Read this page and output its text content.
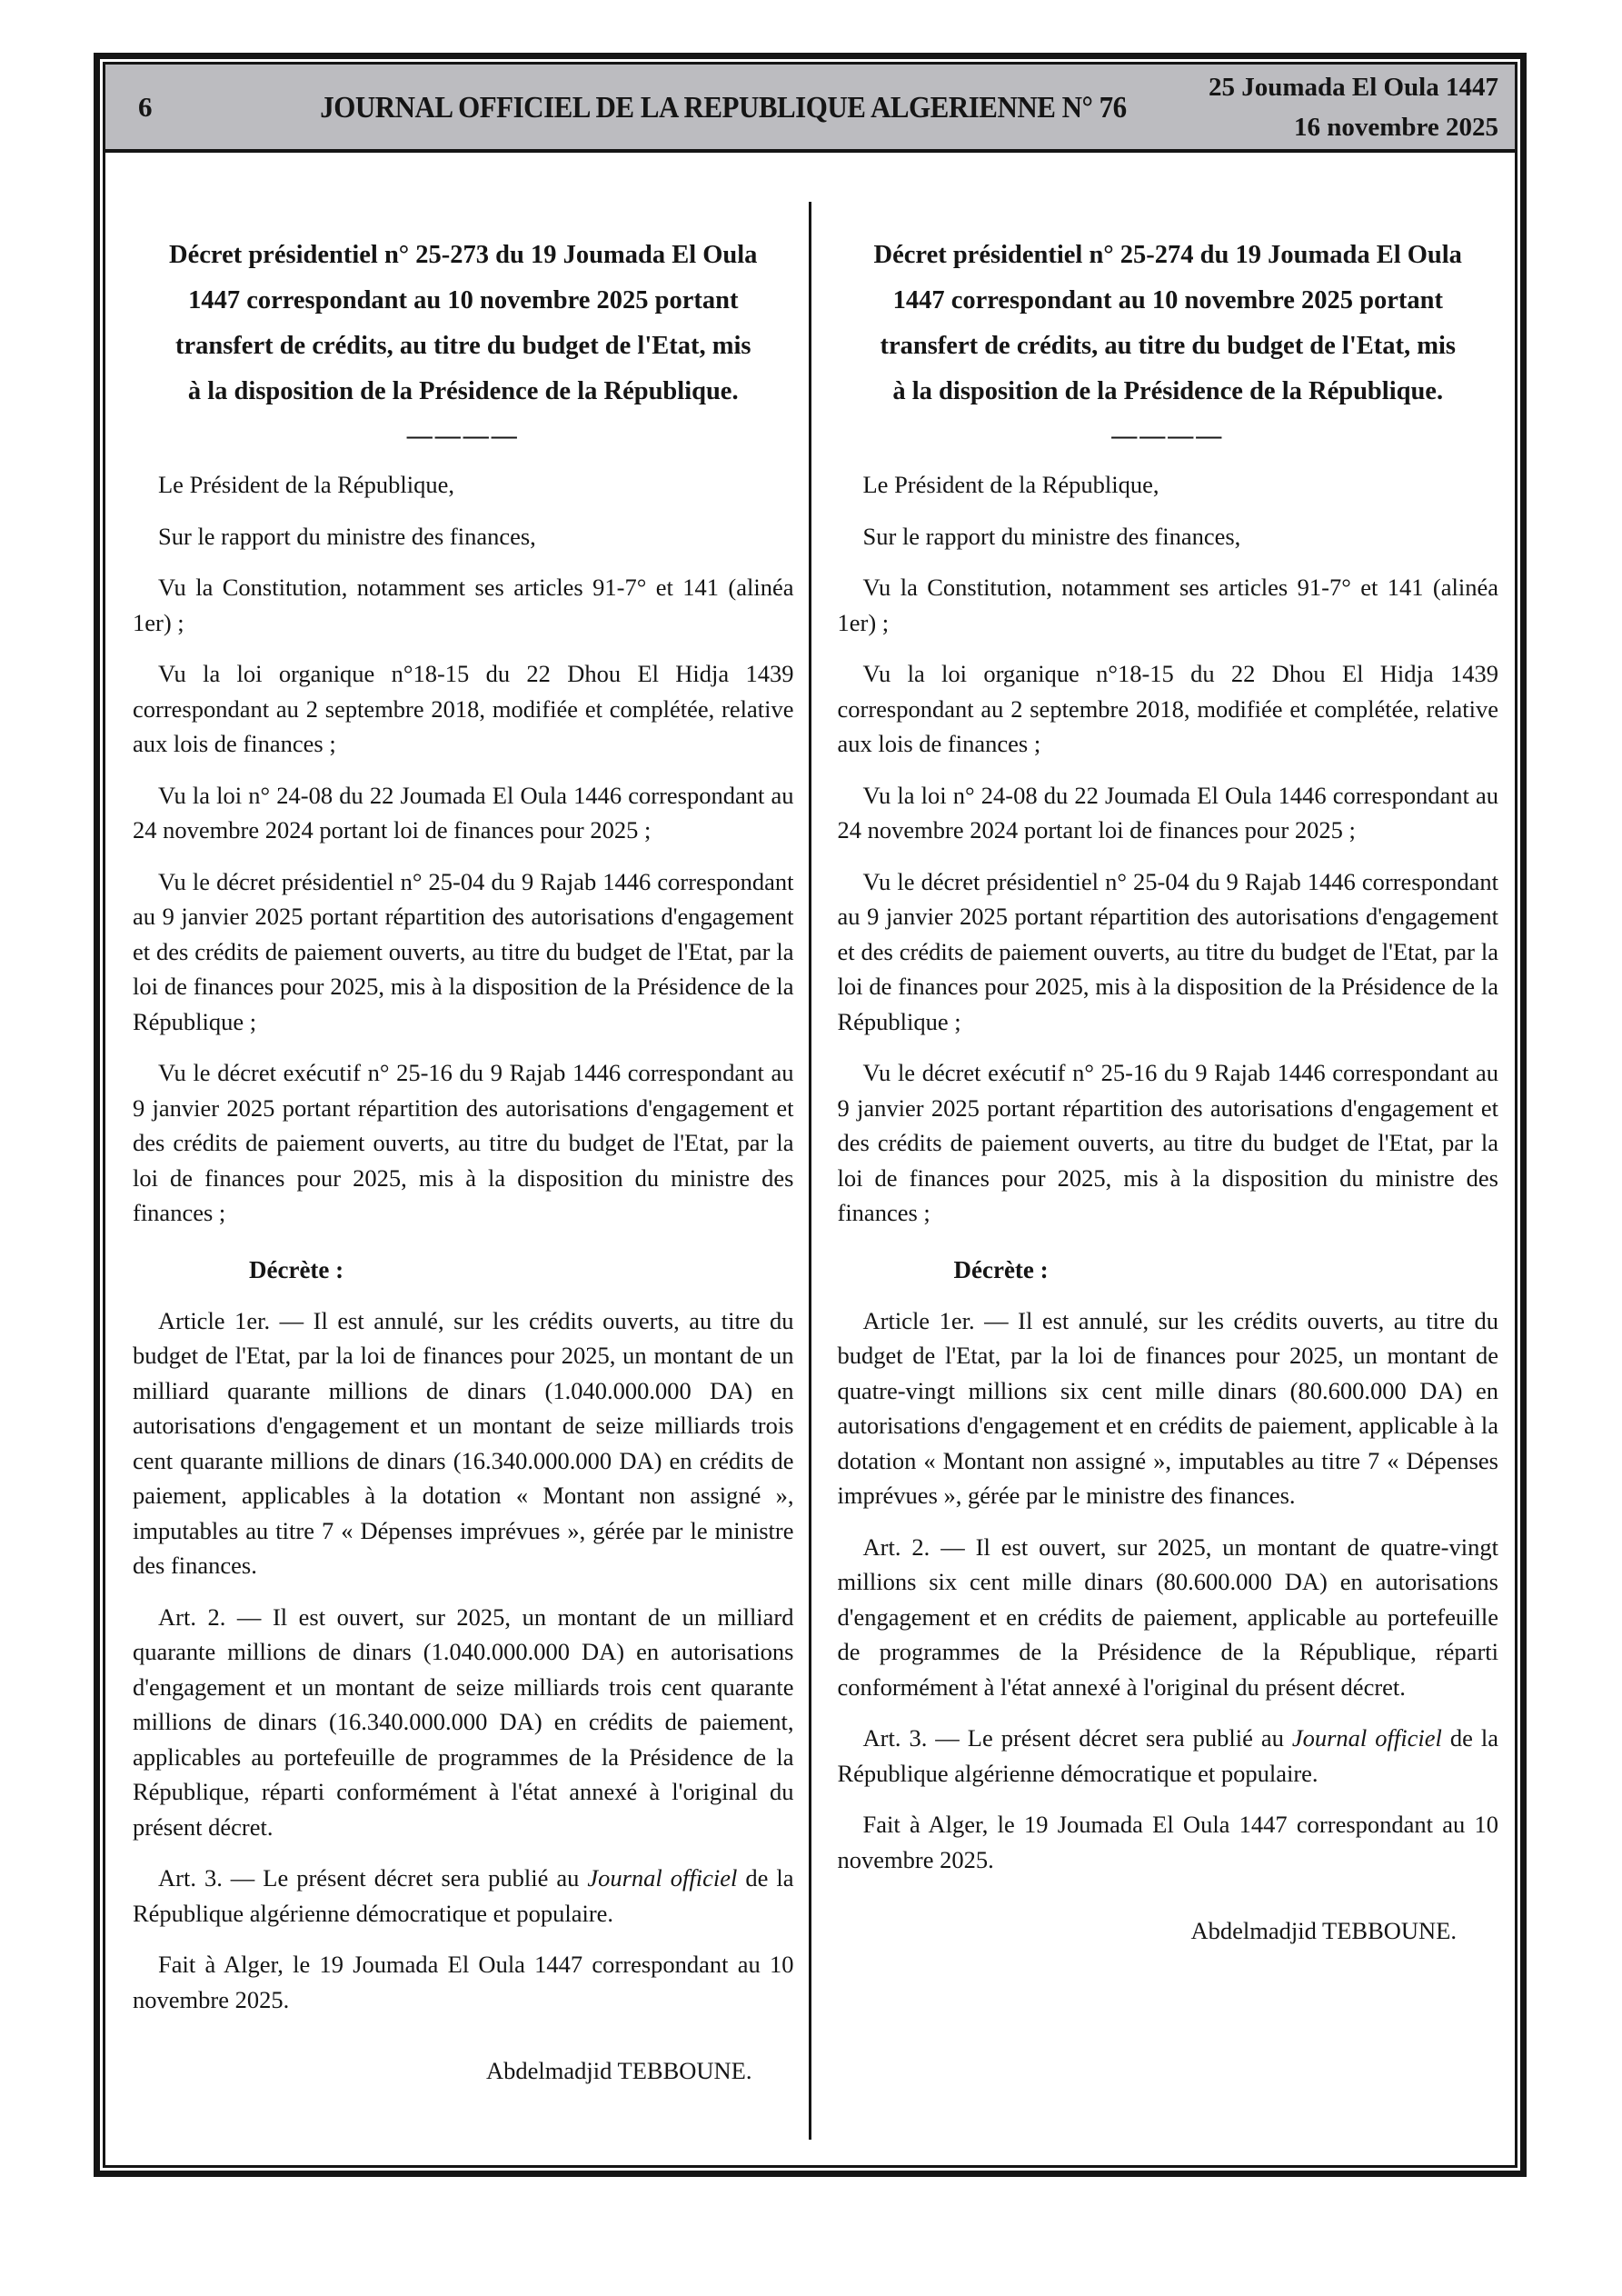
6	JOURNAL OFFICIEL DE LA REPUBLIQUE ALGERIENNE N° 76
25 Joumada El Oula 1447
16 novembre 2025
Décret présidentiel n° 25-273 du 19 Joumada El Oula
1447 correspondant au 10 novembre 2025 portant
transfert de crédits, au titre du budget de l'Etat, mis
à la disposition de la Présidence de la République.
————

Le Président de la République,

Sur le rapport du ministre des finances,

Vu la Constitution, notamment ses articles 91-7° et 141 (alinéa 1er) ;

Vu la loi organique n°18-15 du 22 Dhou El Hidja 1439 correspondant au 2 septembre 2018, modifiée et complétée, relative aux lois de finances ;

Vu la loi n° 24-08 du 22 Joumada El Oula 1446 correspondant au 24 novembre 2024 portant loi de finances pour 2025 ;

Vu le décret présidentiel n° 25-04 du 9 Rajab 1446 correspondant au 9 janvier 2025 portant répartition des autorisations d'engagement et des crédits de paiement ouverts, au titre du budget de l'Etat, par la loi de finances pour 2025, mis à la disposition de la Présidence de la République ;

Vu le décret exécutif n° 25-16 du 9 Rajab 1446 correspondant au 9 janvier 2025 portant répartition des autorisations d'engagement et des crédits de paiement ouverts, au titre du budget de l'Etat, par la loi de finances pour 2025, mis à la disposition du ministre des finances ;

Décrète :

Article 1er. — Il est annulé, sur les crédits ouverts, au titre du budget de l'Etat, par la loi de finances pour 2025, un montant de un milliard quarante millions de dinars (1.040.000.000 DA) en autorisations d'engagement et un montant de seize milliards trois cent quarante millions de dinars (16.340.000.000 DA) en crédits de paiement, applicables à la dotation « Montant non assigné », imputables au titre 7 « Dépenses imprévues », gérée par le ministre des finances.

Art. 2. — Il est ouvert, sur 2025, un montant de un milliard quarante millions de dinars (1.040.000.000 DA) en autorisations d'engagement et un montant de seize milliards trois cent quarante millions de dinars (16.340.000.000 DA) en crédits de paiement, applicables au portefeuille de programmes de la Présidence de la République, réparti conformément à l'état annexé à l'original du présent décret.

Art. 3. — Le présent décret sera publié au Journal officiel de la République algérienne démocratique et populaire.

Fait à Alger, le 19 Joumada El Oula 1447 correspondant au 10 novembre 2025.

Abdelmadjid TEBBOUNE.

Décret présidentiel n° 25-274 du 19 Joumada El Oula
1447 correspondant au 10 novembre 2025 portant
transfert de crédits, au titre du budget de l'Etat, mis
à la disposition de la Présidence de la République.
————

Le Président de la République,

Sur le rapport du ministre des finances,

Vu la Constitution, notamment ses articles 91-7° et 141 (alinéa 1er) ;

Vu la loi organique n°18-15 du 22 Dhou El Hidja 1439 correspondant au 2 septembre 2018, modifiée et complétée, relative aux lois de finances ;

Vu la loi n° 24-08 du 22 Joumada El Oula 1446 correspondant au 24 novembre 2024 portant loi de finances pour 2025 ;

Vu le décret présidentiel n° 25-04 du 9 Rajab 1446 correspondant au 9 janvier 2025 portant répartition des autorisations d'engagement et des crédits de paiement ouverts, au titre du budget de l'Etat, par la loi de finances pour 2025, mis à la disposition de la Présidence de la République ;

Vu le décret exécutif n° 25-16 du 9 Rajab 1446 correspondant au 9 janvier 2025 portant répartition des autorisations d'engagement et des crédits de paiement ouverts, au titre du budget de l'Etat, par la loi de finances pour 2025, mis à la disposition du ministre des finances ;

Décrète :

Article 1er. — Il est annulé, sur les crédits ouverts, au titre du budget de l'Etat, par la loi de finances pour 2025, un montant de quatre-vingt millions six cent mille dinars (80.600.000 DA) en autorisations d'engagement et en crédits de paiement, applicable à la dotation « Montant non assigné », imputables au titre 7 « Dépenses imprévues », gérée par le ministre des finances.

Art. 2. — Il est ouvert, sur 2025, un montant de quatre-vingt millions six cent mille dinars (80.600.000 DA) en autorisations d'engagement et en crédits de paiement, applicable au portefeuille de programmes de la Présidence de la République, réparti conformément à l'état annexé à l'original du présent décret.

Art. 3. — Le présent décret sera publié au Journal officiel de la République algérienne démocratique et populaire.

Fait à Alger, le 19 Joumada El Oula 1447 correspondant au 10 novembre 2025.

Abdelmadjid TEBBOUNE.
